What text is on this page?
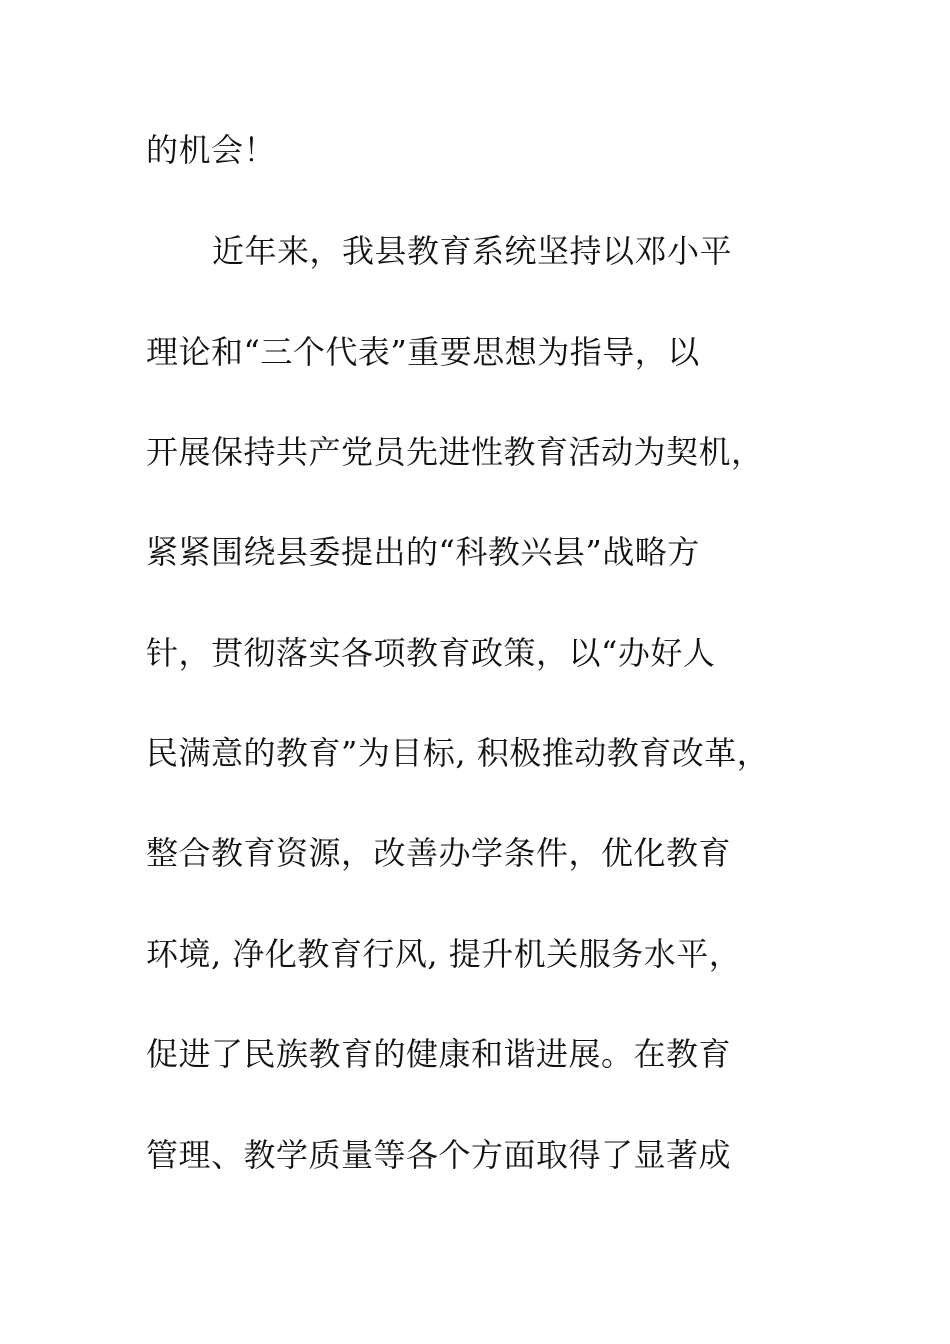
的机会！
近年来，我县教育系统坚持以邓小平
理论和“三个代表”重要思想为指导，以
开展保持共产党员先进性教育活动为契机，
紧紧围绕县委提出的“科教兴县”战略方
针，贯彻落实各项教育政策，以“办好人
民满意的教育”为目标, 积极推动教育改革，
整合教育资源，改善办学条件，优化教育
环境, 净化教育行风, 提升机关服务水平，
促进了民族教育的健康和谐进展。在教育
管理、教学质量等各个方面取得了显著成
